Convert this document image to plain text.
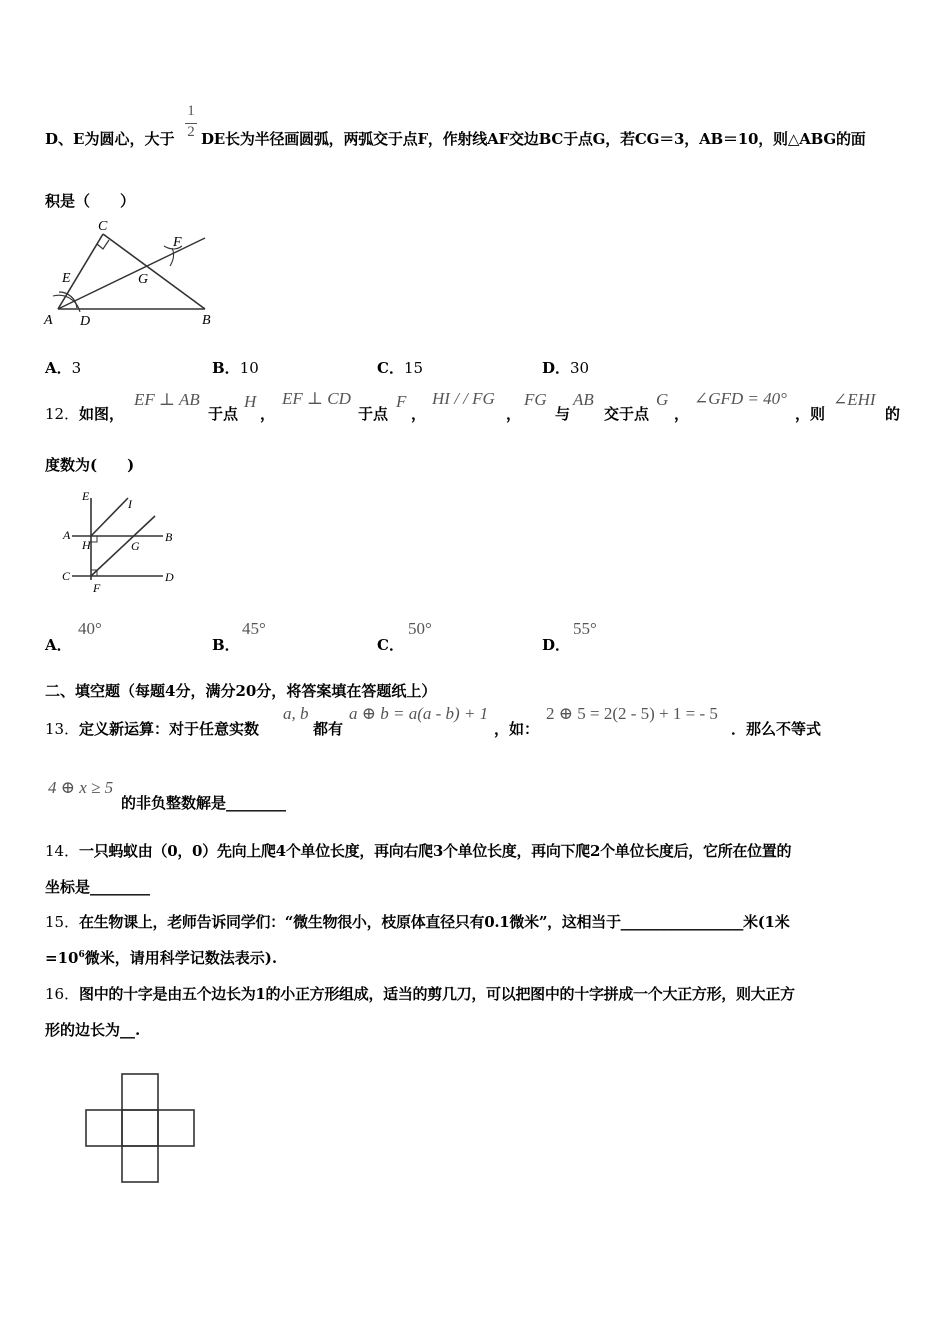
1
2
D、E为圆心，大于 DE长为半径画圆弧，两弧交于点F，作射线AF交边BC于点G，若CG＝3，AB＝10，则△ABG的面
积是（　　）
C
F
E	G
A D	B
A．3	B．10	C．15	D．30
12． 如图，
EF ⊥ AB
于点
H
，
EF ⊥ CD
于点
F
，
HI / / FG
，
FG
与
AB
交于点
G
，
∠GFD = 40°
，则
∠EHI
的
度数为(　　)
E
I
A
H	G
B
C
F
D
A．
40°
B．
45°
C．
50°
D．
55°
二、填空题（每题4分，满分20分，将答案填在答题纸上）
13． 定义新运算：对于任意实数
a, b
都有
a ⊕ b = a(a - b) + 1
，如：
2 ⊕ 5 = 2(2 - 5) + 1 = - 5
．那么不等式
4 ⊕ x ≥ 5
的非负整数解是________
14． 一只蚂蚁由（0，0）先向上爬4个单位长度，再向右爬3个单位长度，再向下爬2个单位长度后，它所在位置的
坐标是________
15． 在生物课上，老师告诉同学们：“微生物很小，枝原体直径只有0.1微米”，这相当于_________________米(1米
$=10^6$微米，请用科学记数法表示).
16． 图中的十字是由五个边长为1的小正方形组成，适当的剪几刀，可以把图中的十字拼成一个大正方形，则大正方
形的边长为__.
